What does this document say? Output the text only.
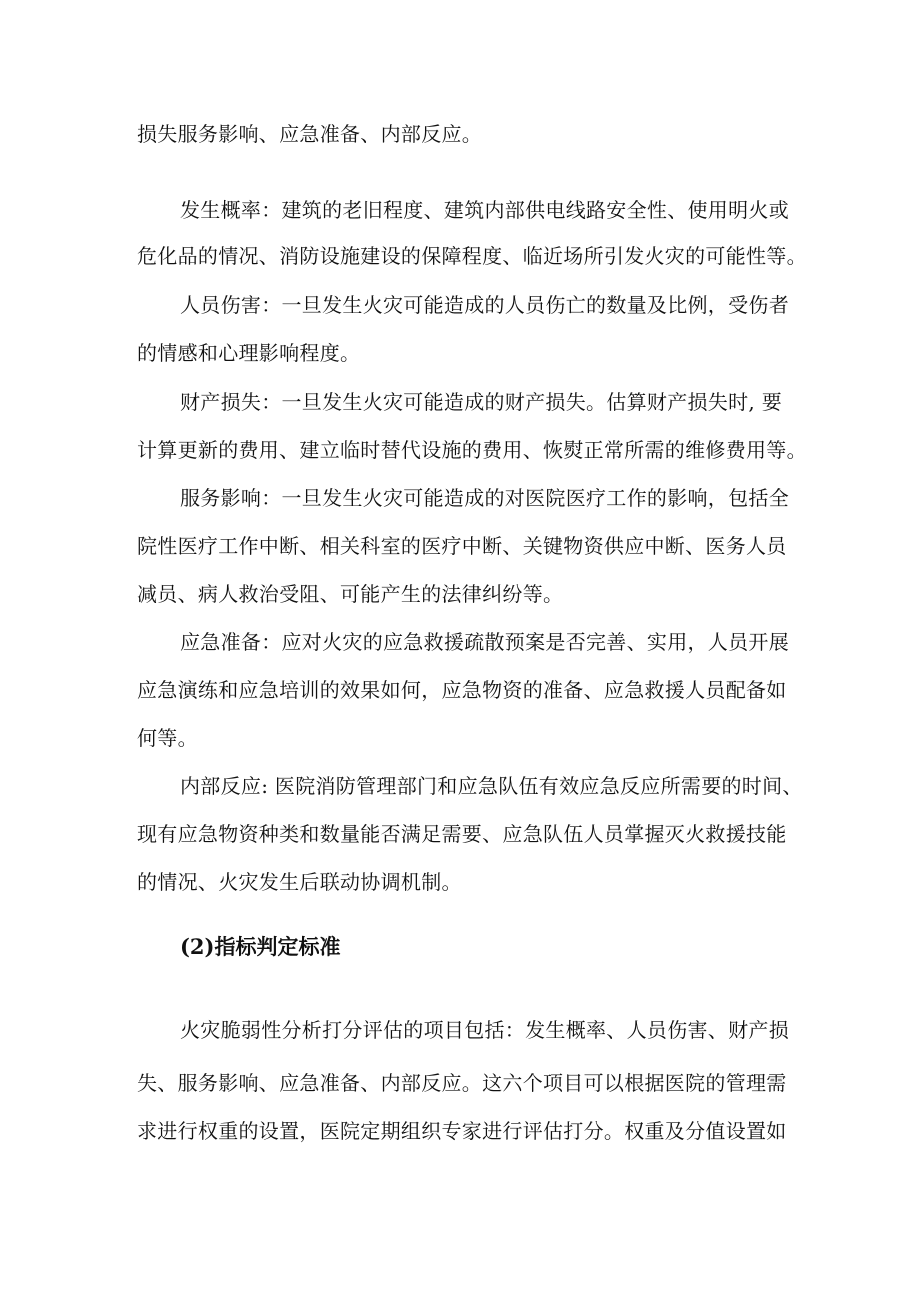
损失服务影响、应急准备、内部反应。
发生概率：建筑的老旧程度、建筑内部供电线路安全性、使用明火或
危化品的情况、消防设施建设的保障程度、临近场所引发火灾的可能性等。
人员伤害：一旦发生火灾可能造成的人员伤亡的数量及比例，受伤者
的情感和心理影响程度。
财产损失：一旦发生火灾可能造成的财产损失。估算财产损失时, 要
计算更新的费用、建立临时替代设施的费用、恢熨正常所需的维修费用等。
服务影响：一旦发生火灾可能造成的对医院医疗工作的影响，包括全
院性医疗工作中断、相关科室的医疗中断、关键物资供应中断、医务人员
减员、病人救治受阻、可能产生的法律纠纷等。
应急准备：应对火灾的应急救援疏散预案是否完善、实用，人员开展
应急演练和应急培训的效果如何，应急物资的准备、应急救援人员配备如
何等。
内部反应: 医院消防管理部门和应急队伍有效应急反应所需要的时间、
现有应急物资种类和数量能否满足需要、应急队伍人员掌握灭火救援技能
的情况、火灾发生后联动协调机制。
(2)指标判定标准
火灾脆弱性分析打分评估的项目包括：发生概率、人员伤害、财产损
失、服务影响、应急准备、内部反应。这六个项目可以根据医院的管理需
求进行权重的设置，医院定期组织专家进行评估打分。权重及分值设置如
